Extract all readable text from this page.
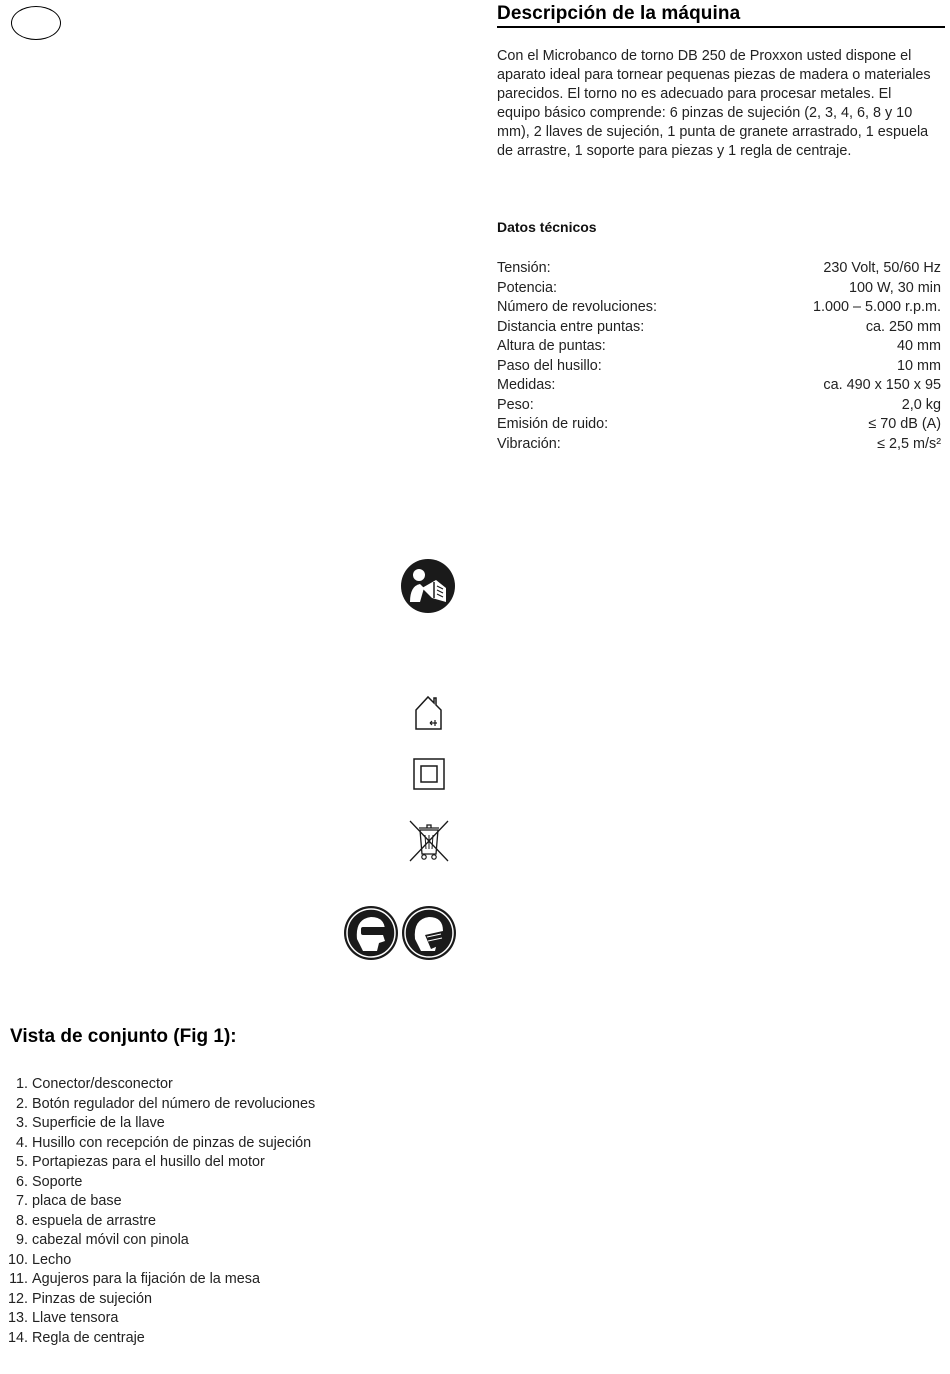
Descripción de la máquina

Con el Microbanco de torno DB 250 de Proxxon usted dispone el aparato ideal para tornear pequenas piezas de madera o materiales parecidos. El torno no es adecuado para procesar metales. El equipo básico comprende: 6 pinzas de sujeción (2, 3, 4, 6, 8 y 10 mm), 2 llaves de sujeción, 1 punta de granete arrastrado, 1 espuela de arrastre, 1 soporte para piezas y 1 regla de centraje.

Datos técnicos
Tensión:	230 Volt, 50/60 Hz
Potencia:	100 W, 30 min
Número de revoluciones:	1.000 – 5.000 r.p.m.
Distancia entre puntas:	ca. 250 mm
Altura de puntas:	40 mm
Paso del husillo:	10 mm
Medidas:	ca. 490 x 150 x 95
Peso:	2,0 kg
Emisión de ruido:	≤ 70 dB (A)
Vibración:	≤ 2,5 m/s²
Vista de conjunto (Fig 1):
1. Conector/desconector
2. Botón regulador del número de revoluciones
3. Superficie de la llave
4. Husillo con recepción de pinzas de sujeción
5. Portapiezas para el husillo del motor
6. Soporte
7. placa de base
8. espuela de arrastre
9. cabezal móvil con pinola
10. Lecho
11. Agujeros para la fijación de la mesa
12. Pinzas de sujeción
13. Llave tensora
14. Regla de centraje
